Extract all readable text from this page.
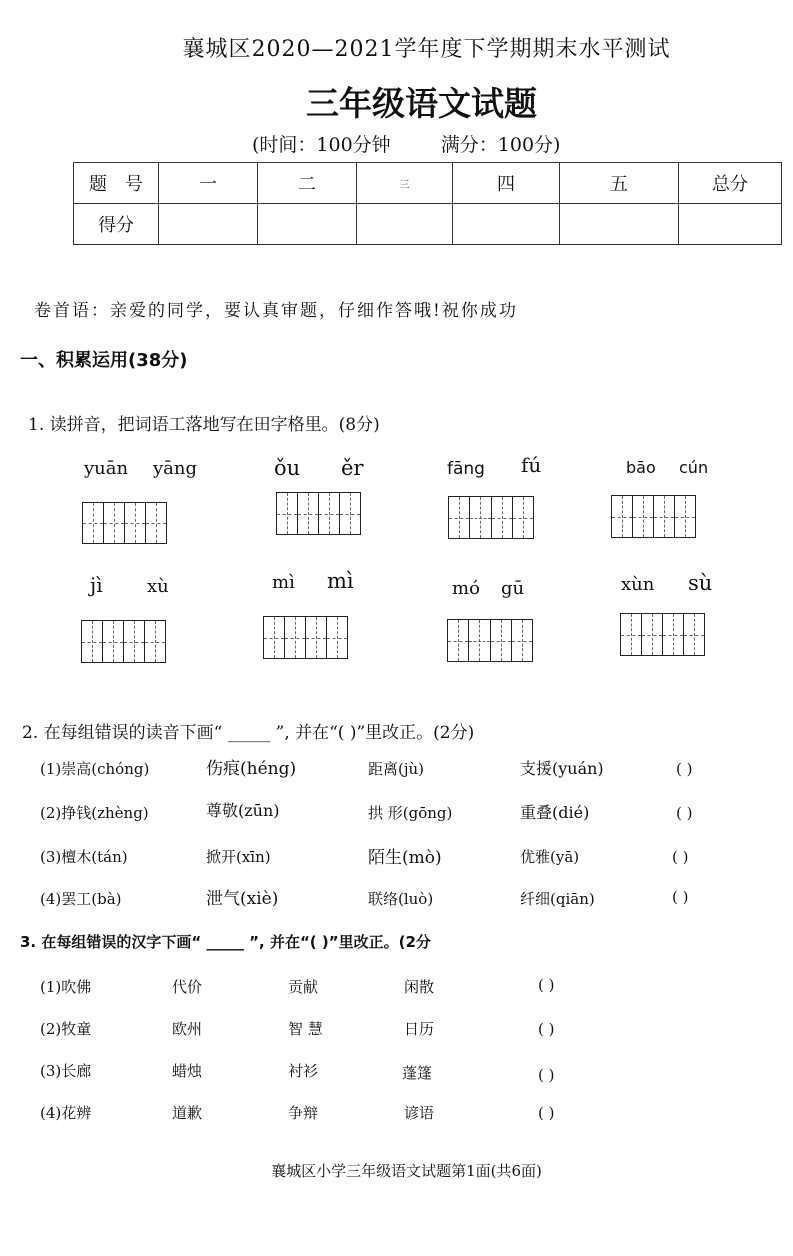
襄城区2020—2021学年度下学期期末水平测试
三年级语文试题
(时间：100分钟	满分：100分)
题　号	一	二	三	四	五	总分
得分						
卷首语：亲爱的同学，要认真审题，仔细作答哦!祝你成功
一、积累运用(38分)
1. 读拼音，把词语工落地写在田字格里。(8分)
yuān yāng	ǒu ěr	fāng fú	bāo cún
jì xù	mì mì	mó gū	xùn sù
2. 在每组错误的读音下画“ _____ ”, 并在“( )”里改正。(2分)
(1)崇高(chóng)	伤痕(héng)	距离(jù)	支援(yuán)	( )
(2)挣钱(zhèng)	尊敬(zūn)	拱 形(gōng)	重叠(dié)	( )
(3)檀木(tán)	掀开(xīn)	陌生(mò)	优雅(yā)	( )
(4)罢工(bà)	泄气(xiè)	联络(luò)	纤细(qiān)	( )
3. 在每组错误的汉字下画“ _____ ”, 并在“( )”里改正。(2分
(1)吹佛	代价	贡献	闲散	( )
(2)牧童	欧州	智 慧	日历	( )
(3)长廊	蜡烛	衬衫	蓬篷	( )
(4)花辨	道歉	争辩	谚语	( )
襄城区小学三年级语文试题第1面(共6面)
